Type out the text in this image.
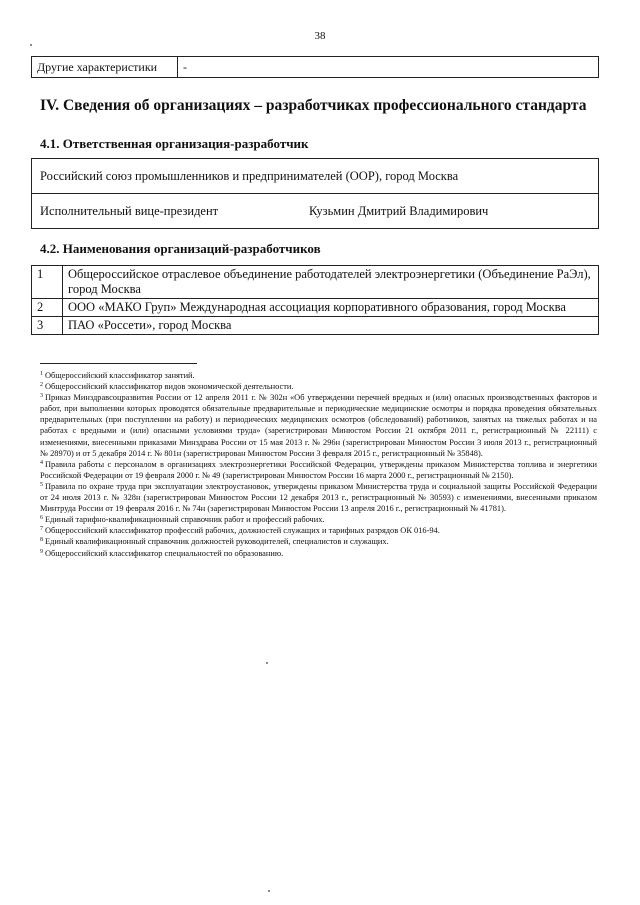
38
Другие характеристики	-
IV. Сведения об организациях – разработчиках профессионального стандарта
4.1. Ответственная организация-разработчик
Российский союз промышленников и предпринимателей (ООР), город Москва

Исполнительный вице-президент	Кузьмин Дмитрий Владимирович
4.2. Наименования организаций-разработчиков
1	Общероссийское отраслевое объединение работодателей электроэнергетики (Объединение РаЭл), город Москва
2	ООО «МАКО Груп» Международная ассоциация корпоративного образования, город Москва
3	ПАО «Россети», город Москва

$^1$ Общероссийский классификатор занятий.

$^2$ Общероссийский классификатор видов экономической деятельности.

$^3$ Приказ Минздравсоцразвития России от 12 апреля 2011 г. № 302н «Об утверждении перечней вредных и (или) опасных производственных факторов и работ, при выполнении которых проводятся обязательные предварительные и периодические медицинские осмотры и порядка проведения обязательных предварительных (при поступлении на работу) и периодических медицинских осмотров (обследований) работников, занятых на тяжелых работах и на работах с вредными и (или) опасными условиями труда» (зарегистрирован Минюстом России 21 октября 2011 г., регистрационный № 22111) с изменениями, внесенными приказами Минздрава России от 15 мая 2013 г. № 296н (зарегистрирован Минюстом России 3 июля 2013 г., регистрационный № 28970) и от 5 декабря 2014 г. № 801н (зарегистрирован Минюстом России 3 февраля 2015 г., регистрационный № 35848).

$^4$ Правила работы с персоналом в организациях электроэнергетики Российской Федерации, утверждены приказом Министерства топлива и энергетики Российской Федерации от 19 февраля 2000 г. № 49 (зарегистрирован Минюстом России 16 марта 2000 г., регистрационный № 2150).

$^5$ Правила по охране труда при эксплуатации электроустановок, утверждены приказом Министерства труда и социальной защиты Российской Федерации от 24 июля 2013 г. № 328н (зарегистрирован Минюстом России 12 декабря 2013 г., регистрационный № 30593) с изменениями, внесенными приказом Минтруда России от 19 февраля 2016 г. № 74н (зарегистрирован Минюстом России 13 апреля 2016 г., регистрационный № 41781).

$^6$ Единый тарифно-квалификационный справочник работ и профессий рабочих.

$^7$ Общероссийский классификатор профессий рабочих, должностей служащих и тарифных разрядов ОК 016-94.

$^8$ Единый квалификационный справочник должностей руководителей, специалистов и служащих.

$^9$ Общероссийский классификатор специальностей по образованию.
